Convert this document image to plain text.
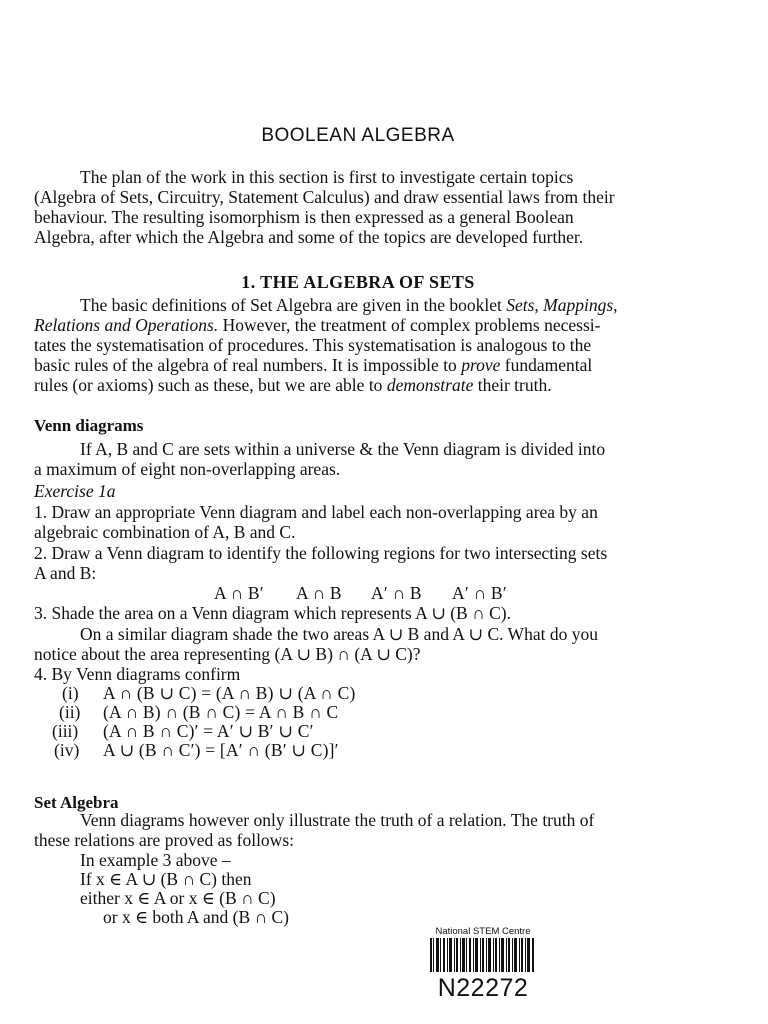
BOOLEAN ALGEBRA
The plan of the work in this section is first to investigate certain topics
(Algebra of Sets, Circuitry, Statement Calculus) and draw essential laws from their
behaviour. The resulting isomorphism is then expressed as a general Boolean
Algebra, after which the Algebra and some of the topics are developed further.
1. THE ALGEBRA OF SETS
The basic definitions of Set Algebra are given in the booklet Sets, Mappings,
Relations and Operations. However, the treatment of complex problems necessi-
tates the systematisation of procedures. This systematisation is analogous to the
basic rules of the algebra of real numbers. It is impossible to prove fundamental
rules (or axioms) such as these, but we are able to demonstrate their truth.
Venn diagrams
If A, B and C are sets within a universe & the Venn diagram is divided into
a maximum of eight non-overlapping areas.
Exercise 1a
1. Draw an appropriate Venn diagram and label each non-overlapping area by an
algebraic combination of A, B and C.
2. Draw a Venn diagram to identify the following regions for two intersecting sets
A and B:
A ∩ B′ A ∩ B A′ ∩ B A′ ∩ B′
3. Shade the area on a Venn diagram which represents A ∪ (B ∩ C).
On a similar diagram shade the two areas A ∪ B and A ∪ C. What do you
notice about the area representing (A ∪ B) ∩ (A ∪ C)?
4. By Venn diagrams confirm
(i) A ∩ (B ∪ C) = (A ∩ B) ∪ (A ∩ C)
(ii) (A ∩ B) ∩ (B ∩ C) = A ∩ B ∩ C
(iii) (A ∩ B ∩ C)′ = A′ ∪ B′ ∪ C′
(iv) A ∪ (B ∩ C′) = [A′ ∩ (B′ ∪ C)]′
Set Algebra
Venn diagrams however only illustrate the truth of a relation. The truth of
these relations are proved as follows:
In example 3 above –
If x ∈ A ∪ (B ∩ C) then
either x ∈ A or x ∈ (B ∩ C)
or x ∈ both A and (B ∩ C)
National STEM Centre
N22272
